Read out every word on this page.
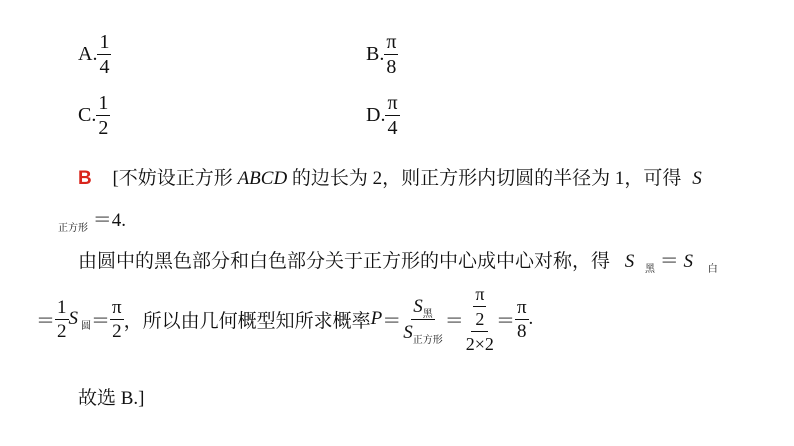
A. $\frac{1}{4}$	B. $\frac{\pi}{8}$
C. $\frac{1}{2}$	D. $\frac{\pi}{4}$
B [不妨设正方形 ABCD 的边长为 2，则正方形内切圆的半径为 1，可得 S
$_{正方形}$ ＝4.
由圆中的黑色部分和白色部分关于正方形的中心成中心对称，得 S $_黑$ ＝ S $_白$
＝ $\frac{1}{2}$ S 圆 ＝ $\frac{\pi}{2}$ ，所以由几何概型知所求概率 $P = \frac{S_黑}{S_{正方形}} = \frac{\frac{\pi}{2}}{2\times 2} = \frac{\pi}{8}$ .
故选 B.]
